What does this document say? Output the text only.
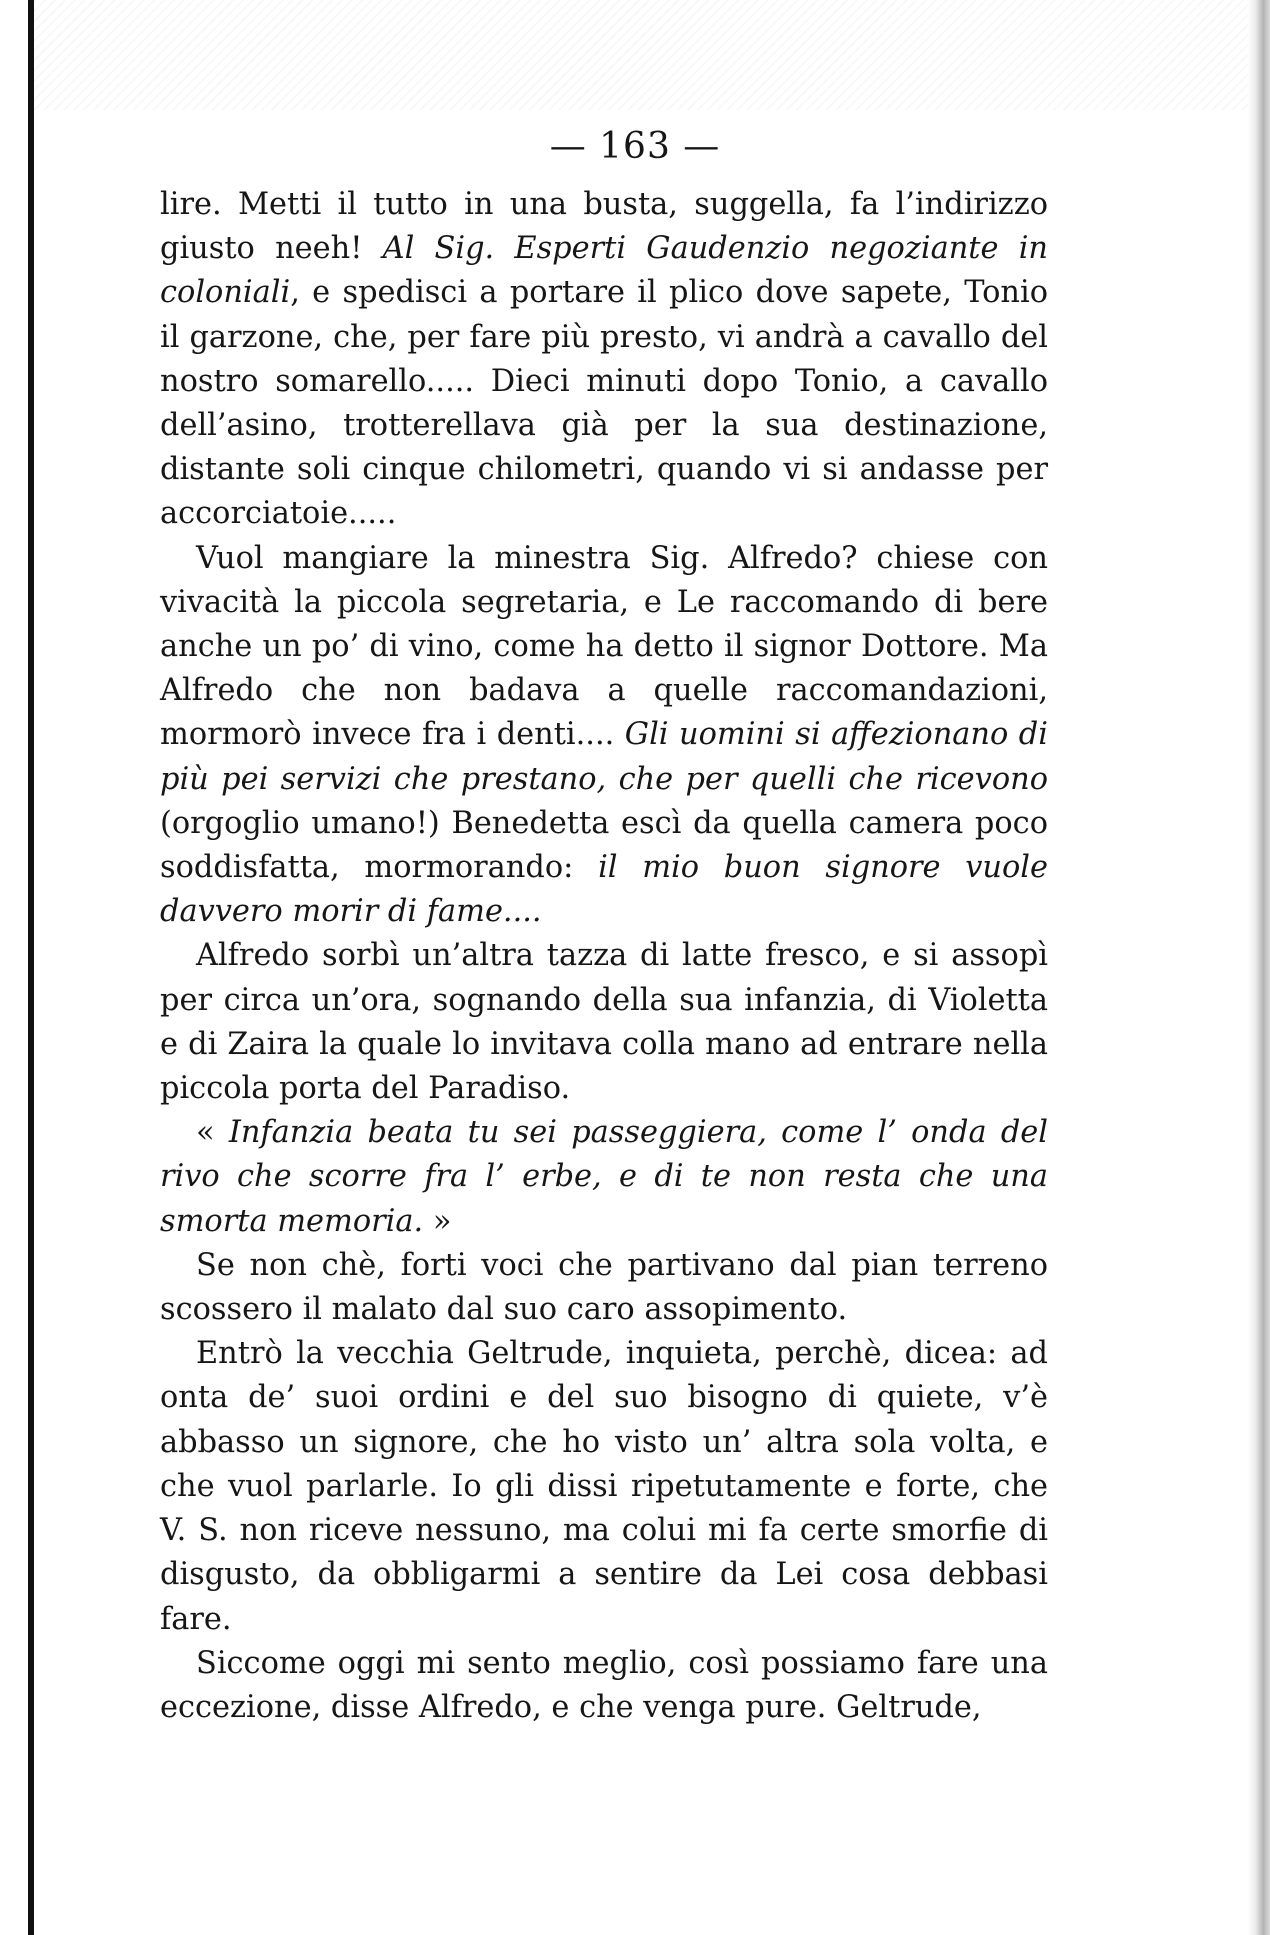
— 163 —

lire. Metti il tutto in una busta, suggella, fa l’indirizzo giusto neeh! Al Sig. Esperti Gaudenzio negoziante in coloniali, e spedisci a portare il plico dove sapete, Tonio il garzone, che, per fare più presto, vi andrà a cavallo del nostro somarello..... Dieci minuti dopo Tonio, a cavallo dell’asino, trotterellava già per la sua destinazione, distante soli cinque chilometri, quando vi si andasse per accorciatoie.....

Vuol mangiare la minestra Sig. Alfredo? chiese con vivacità la piccola segretaria, e Le raccomando di bere anche un po’ di vino, come ha detto il signor Dottore. Ma Alfredo che non badava a quelle raccomandazioni, mormorò invece fra i denti.... Gli uomini si affezionano di più pei servizi che prestano, che per quelli che ricevono (orgoglio umano!) Benedetta escì da quella camera poco soddisfatta, mormorando: il mio buon signore vuole davvero morir di fame....

Alfredo sorbì un’altra tazza di latte fresco, e si assopì per circa un’ora, sognando della sua infanzia, di Violetta e di Zaira la quale lo invitava colla mano ad entrare nella piccola porta del Paradiso.

« Infanzia beata tu sei passeggiera, come l’ onda del rivo che scorre fra l’ erbe, e di te non resta che una smorta memoria. »

Se non chè, forti voci che partivano dal pian terreno scossero il malato dal suo caro assopimento.

Entrò la vecchia Geltrude, inquieta, perchè, dicea: ad onta de’ suoi ordini e del suo bisogno di quiete, v’è abbasso un signore, che ho visto un’ altra sola volta, e che vuol parlarle. Io gli dissi ripetutamente e forte, che V. S. non riceve nessuno, ma colui mi fa certe smorfie di disgusto, da obbligarmi a sentire da Lei cosa debbasi fare.

Siccome oggi mi sento meglio, così possiamo fare una eccezione, disse Alfredo, e che venga pure. Geltrude,
